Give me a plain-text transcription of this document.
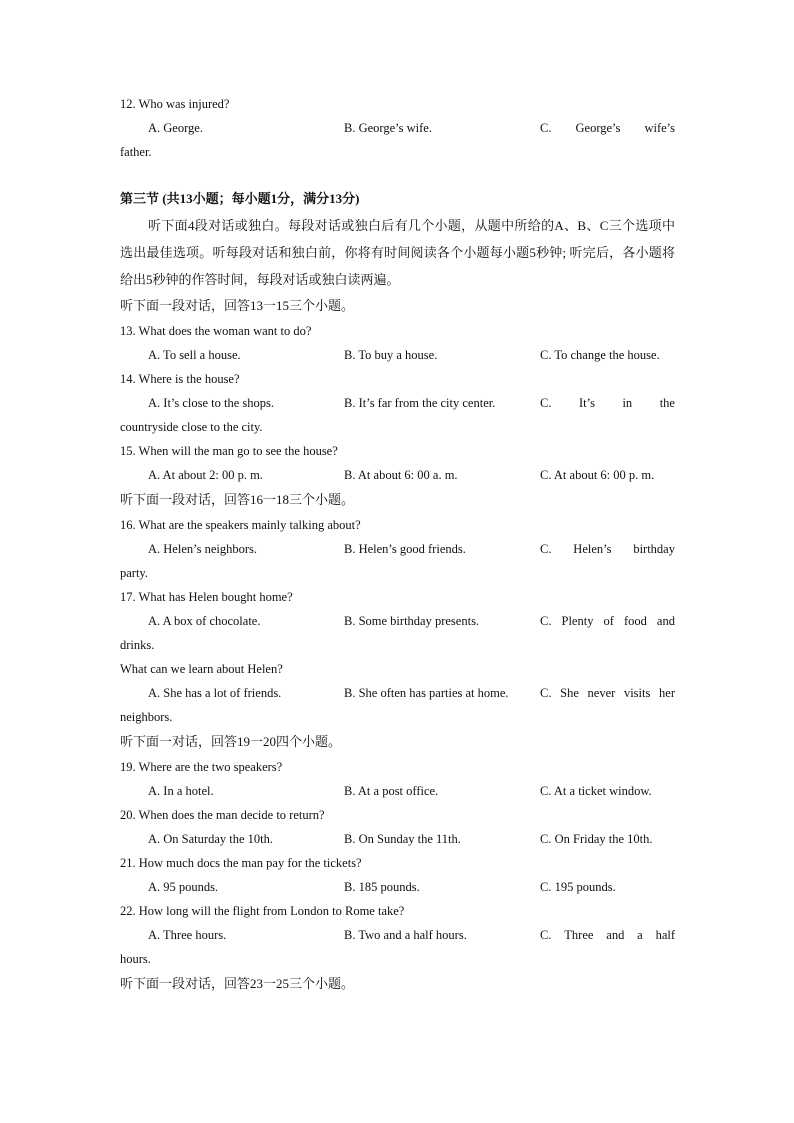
12. Who was injured?
A. George.	B. George’s wife.	C. George’s wife’s
father.
第三节 (共13小题；每小题1分，满分13分)
听下面4段对话或独白。每段对话或独白后有几个小题，从题中所给的A、B、C三个选项中选出最佳选项。听每段对话和独白前，你将有时间阅读各个小题每小题5秒钟; 听完后，各小题将给出5秒钟的作答时间，每段对话或独白读两遍。
听下面一段对话，回答13一15三个小题。
13. What does the woman want to do?
A. To sell a house.	B. To buy a house.	C. To change the house.
14. Where is the house?
A. It’s close to the shops.	B. It’s far from the city center.	C. It’s in the
countryside close to the city.
15. When will the man go to see the house?
A. At about 2: 00 p. m.	B. At about 6: 00 a. m.	C. At about 6: 00 p. m.
听下面一段对话，回答16一18三个小题。
16. What are the speakers mainly talking about?
A. Helen’s neighbors.	B. Helen’s good friends.	C. Helen’s birthday
party.
17. What has Helen bought home?
A. A box of chocolate.	B. Some birthday presents.	C. Plenty of food and
drinks.
What can we learn about Helen?
A. She has a lot of friends.	B. She often has parties at home.	C. She never visits her
neighbors.
听下面一对话，回答19一20四个小题。
19. Where are the two speakers?
A. In a hotel.	B. At a post office.	C. At a ticket window.
20. When does the man decide to return?
A. On Saturday the 10th.	B. On Sunday the 11th.	C. On Friday the 10th.
21. How much docs the man pay for the tickets?
A. 95 pounds.	B. 185 pounds.	C. 195 pounds.
22. How long will the flight from London to Rome take?
A. Three hours.	B. Two and a half hours.	C. Three and a half
hours.
听下面一段对话，回答23一25三个小题。
